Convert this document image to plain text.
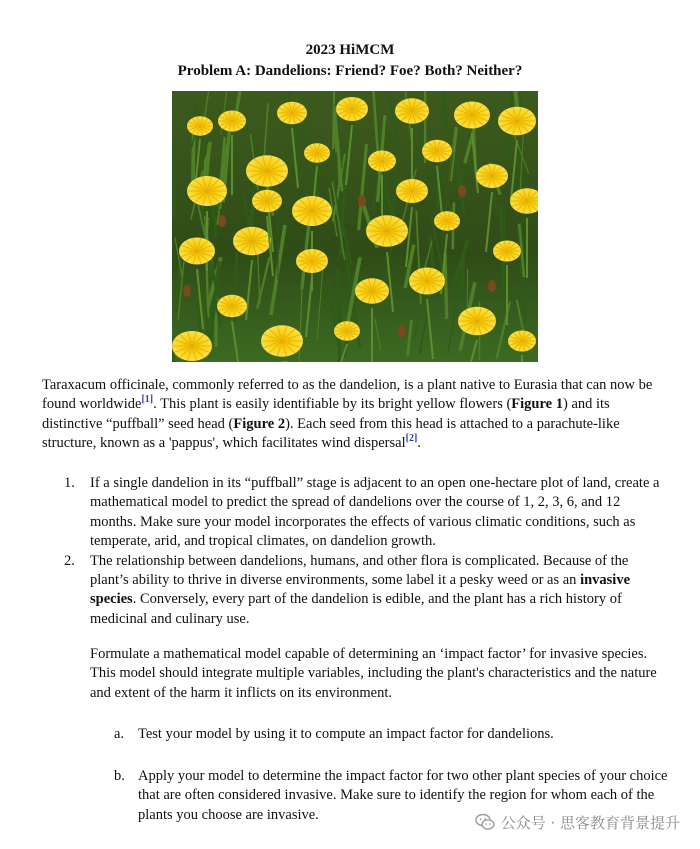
2023 HiMCM
Problem A: Dandelions: Friend? Foe? Both? Neither?
Taraxacum officinale, commonly referred to as the dandelion, is a plant native to Eurasia that can now be found worldwide[1]. This plant is easily identifiable by its bright yellow flowers (Figure 1) and its distinctive “puffball” seed head (Figure 2). Each seed from this head is attached to a parachute-like structure, known as a 'pappus', which facilitates wind dispersal[2].
1. If a single dandelion in its “puffball” stage is adjacent to an open one-hectare plot of land, create a mathematical model to predict the spread of dandelions over the course of 1, 2, 3, 6, and 12 months. Make sure your model incorporates the effects of various climatic conditions, such as temperate, arid, and tropical climates, on dandelion growth.
2. The relationship between dandelions, humans, and other flora is complicated. Because of the plant’s ability to thrive in diverse environments, some label it a pesky weed or as an invasive species. Conversely, every part of the dandelion is edible, and the plant has a rich history of medicinal and culinary use.
Formulate a mathematical model capable of determining an ‘impact factor’ for invasive species. This model should integrate multiple variables, including the plant's characteristics and the nature and extent of the harm it inflicts on its environment.
a. Test your model by using it to compute an impact factor for dandelions.
b. Apply your model to determine the impact factor for two other plant species of your choice that are often considered invasive. Make sure to identify the region for whom each of the plants you choose are invasive.	公众号 · 思客教育背景提升
